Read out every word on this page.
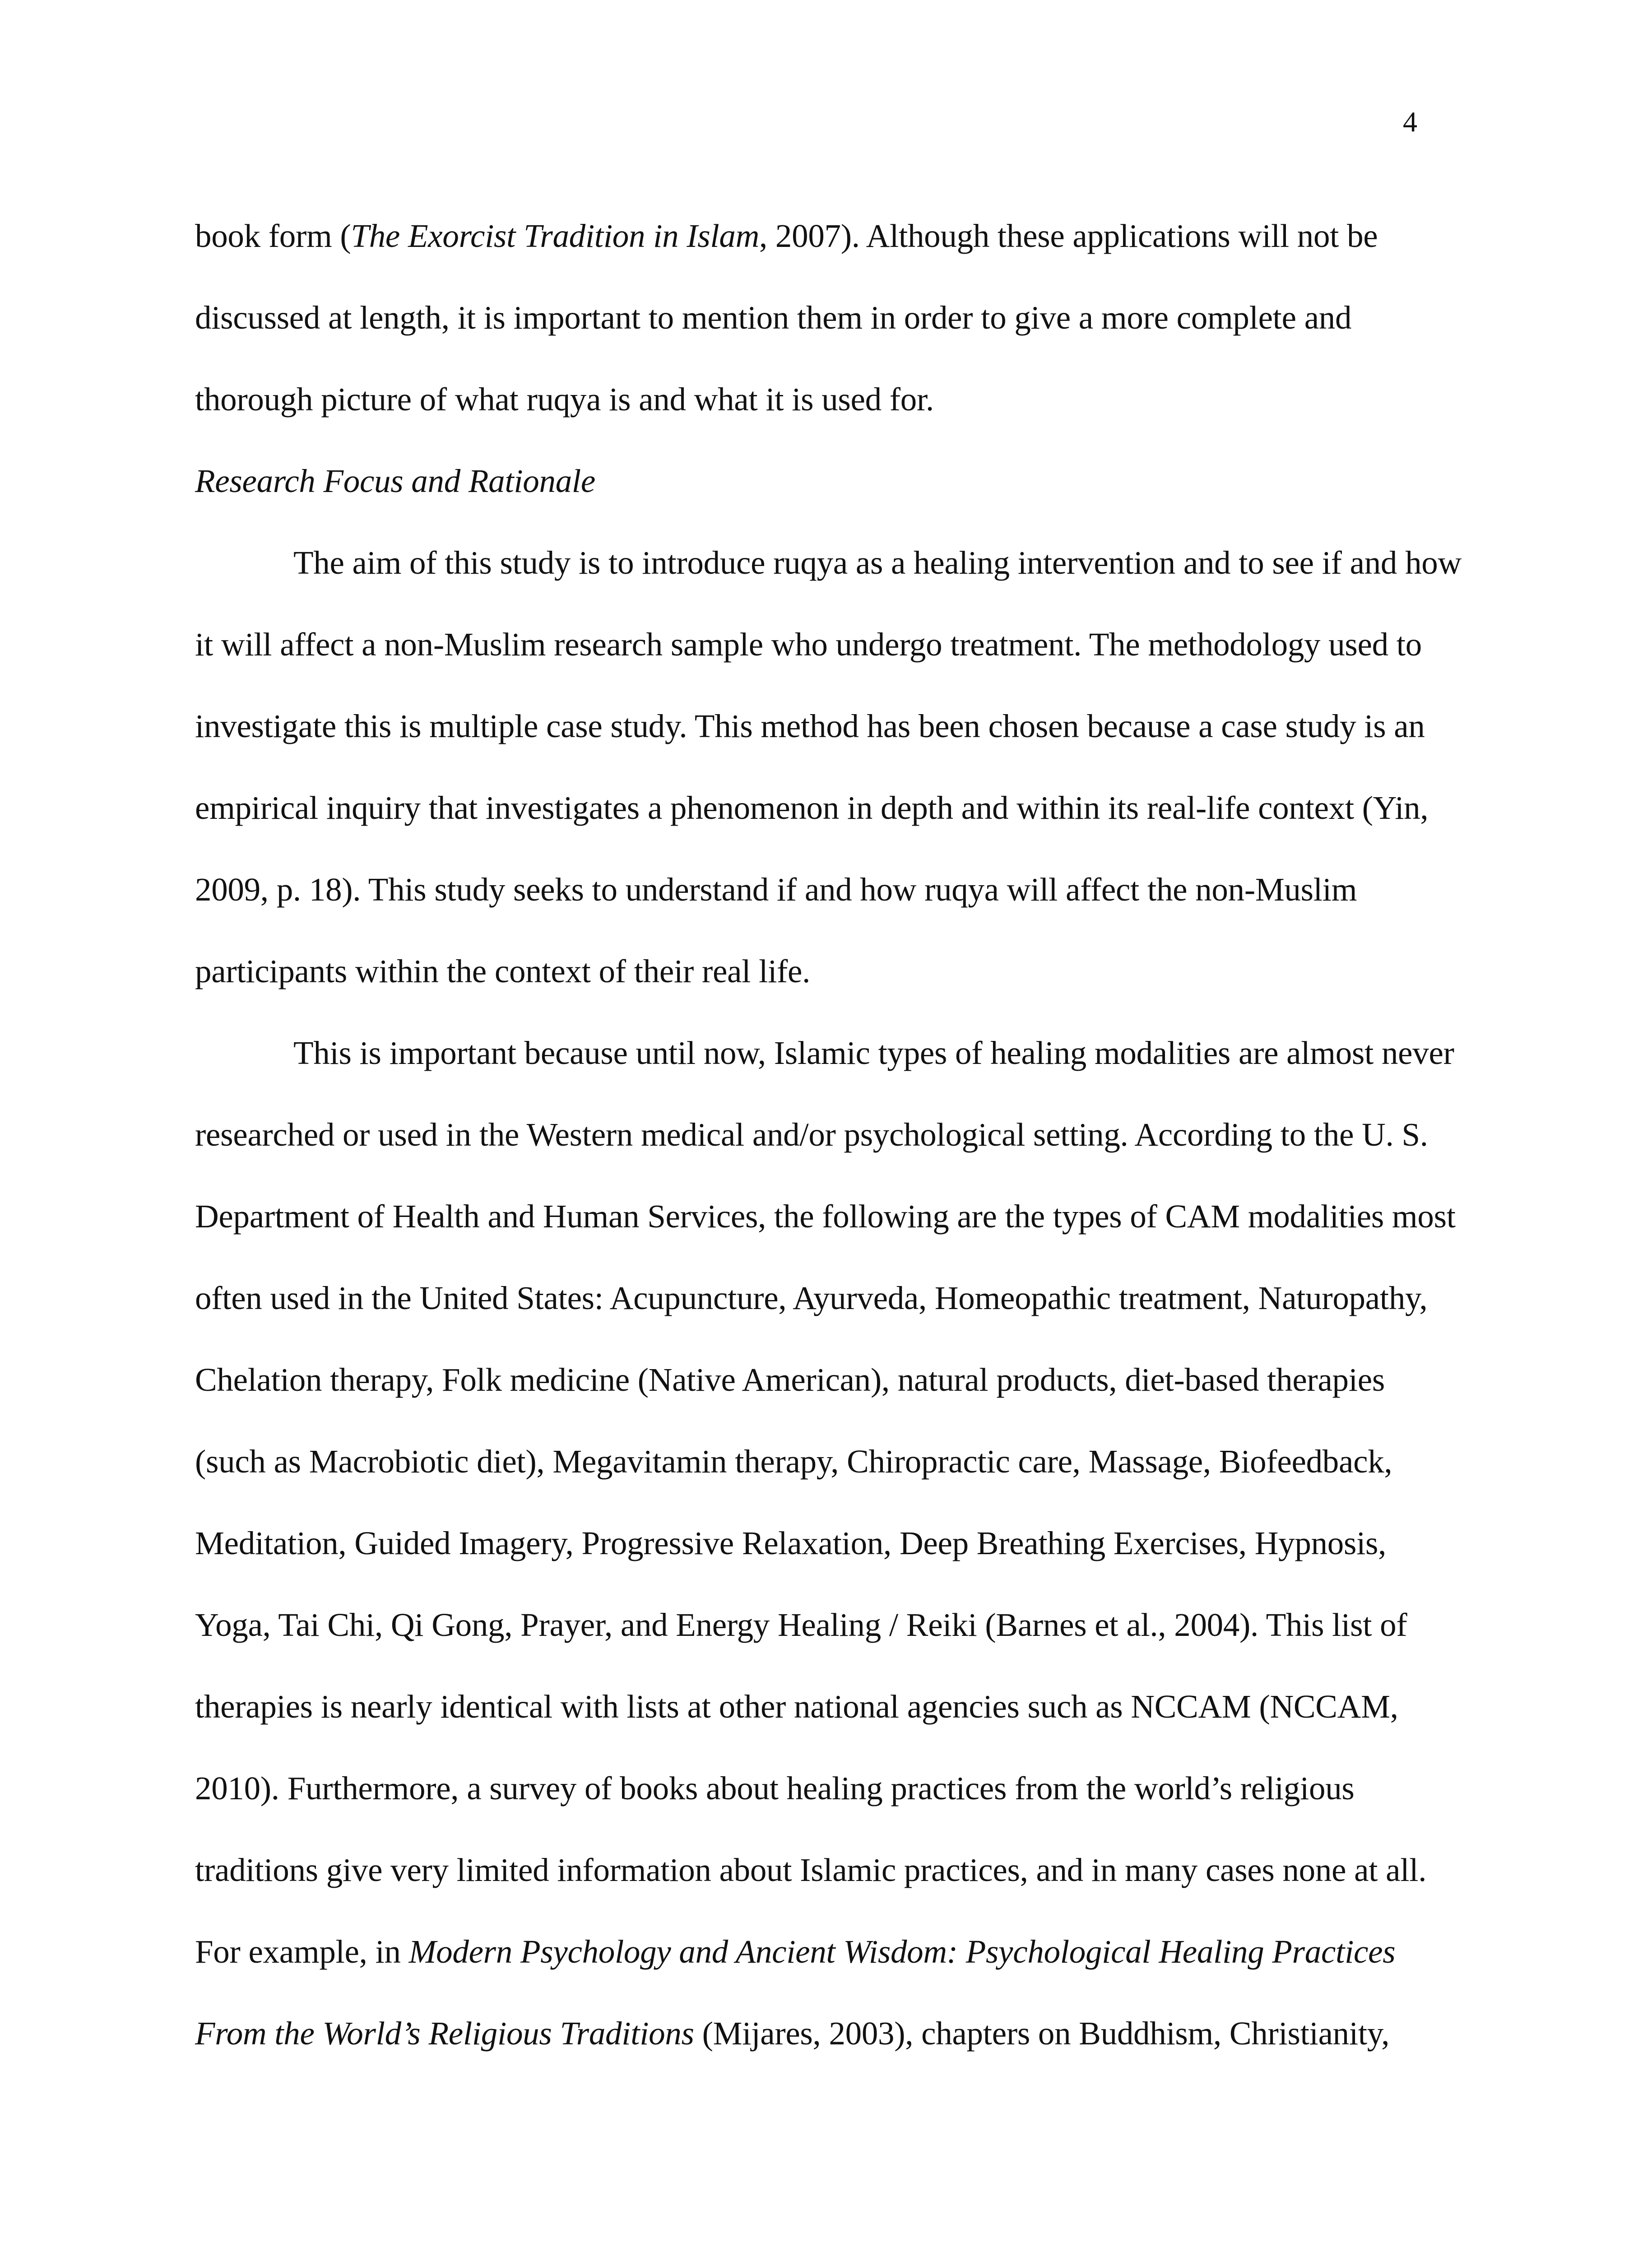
4
book form (The Exorcist Tradition in Islam, 2007). Although these applications will not be
discussed at length, it is important to mention them in order to give a more complete and
thorough picture of what ruqya is and what it is used for.
Research Focus and Rationale
The aim of this study is to introduce ruqya as a healing intervention and to see if and how
it will affect a non-Muslim research sample who undergo treatment. The methodology used to
investigate this is multiple case study. This method has been chosen because a case study is an
empirical inquiry that investigates a phenomenon in depth and within its real-life context (Yin,
2009, p. 18). This study seeks to understand if and how ruqya will affect the non-Muslim
participants within the context of their real life.
This is important because until now, Islamic types of healing modalities are almost never
researched or used in the Western medical and/or psychological setting. According to the U. S.
Department of Health and Human Services, the following are the types of CAM modalities most
often used in the United States: Acupuncture, Ayurveda, Homeopathic treatment, Naturopathy,
Chelation therapy, Folk medicine (Native American), natural products, diet-based therapies
(such as Macrobiotic diet), Megavitamin therapy, Chiropractic care, Massage, Biofeedback,
Meditation, Guided Imagery, Progressive Relaxation, Deep Breathing Exercises, Hypnosis,
Yoga, Tai Chi, Qi Gong, Prayer, and Energy Healing / Reiki (Barnes et al., 2004). This list of
therapies is nearly identical with lists at other national agencies such as NCCAM (NCCAM,
2010). Furthermore, a survey of books about healing practices from the world’s religious
traditions give very limited information about Islamic practices, and in many cases none at all.
For example, in Modern Psychology and Ancient Wisdom: Psychological Healing Practices
From the World’s Religious Traditions (Mijares, 2003), chapters on Buddhism, Christianity,
